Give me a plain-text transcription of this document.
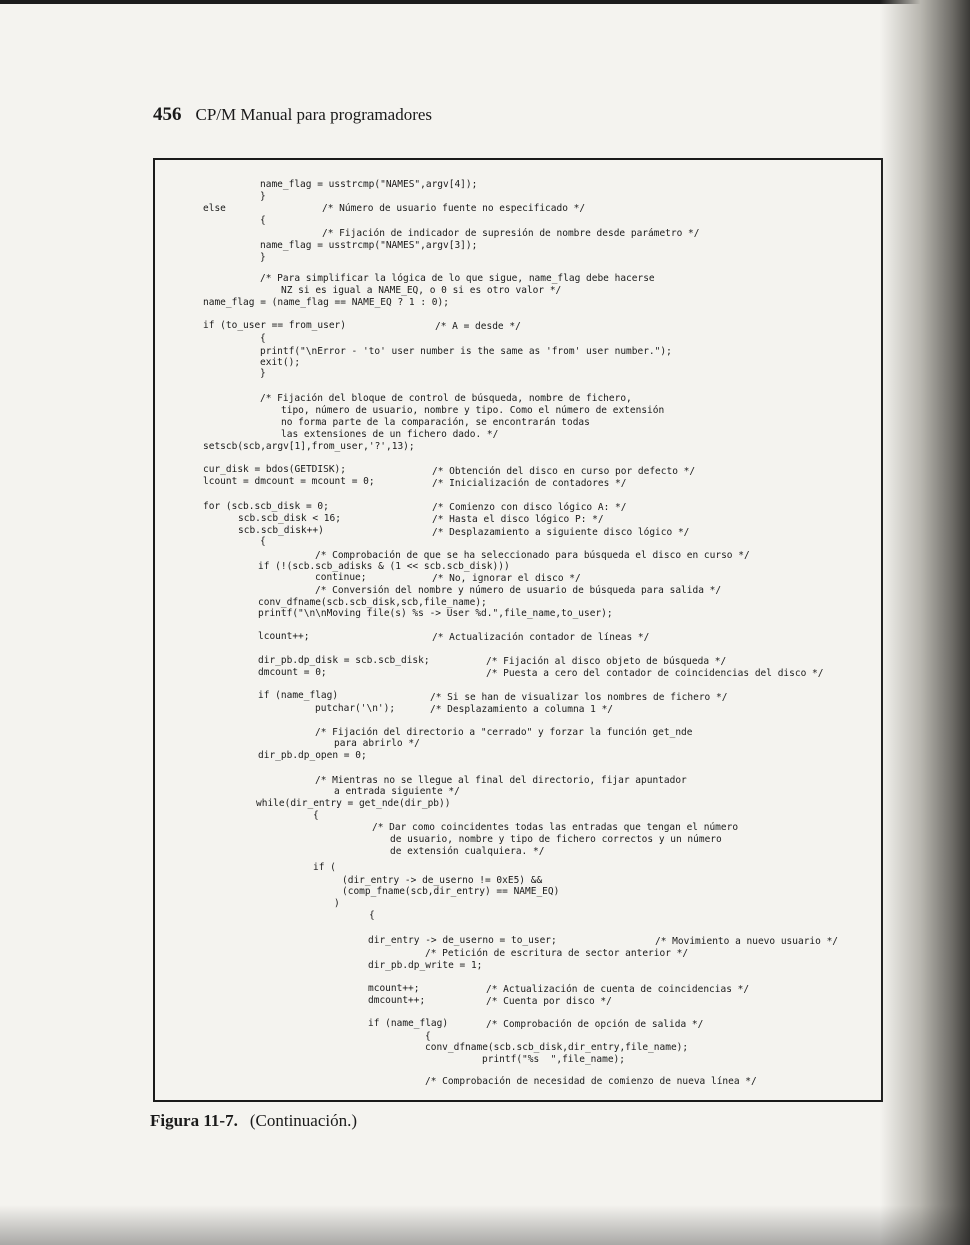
456 CP/M Manual para programadores
name_flag = usstrcmp("NAMES",argv[4]);
}
else	/* Número de usuario fuente no especificado */
{
/* Fijación de indicador de supresión de nombre desde parámetro */
name_flag = usstrcmp("NAMES",argv[3]);
}
/* Para simplificar la lógica de lo que sigue, name_flag debe hacerse
NZ si es igual a NAME_EQ, o 0 si es otro valor */
name_flag = (name_flag == NAME_EQ ? 1 : 0);
if (to_user == from_user)	/* A = desde */
{
printf("\nError - 'to' user number is the same as 'from' user number.");
exit();
}
/* Fijación del bloque de control de búsqueda, nombre de fichero,
tipo, número de usuario, nombre y tipo. Como el número de extensión
no forma parte de la comparación, se encontrarán todas
las extensiones de un fichero dado. */
setscb(scb,argv[1],from_user,'?',13);
cur_disk = bdos(GETDISK);	/* Obtención del disco en curso por defecto */
lcount = dmcount = mcount = 0;	/* Inicialización de contadores */
for (scb.scb_disk = 0;	/* Comienzo con disco lógico A: */
scb.scb_disk < 16;	/* Hasta el disco lógico P: */
scb.scb_disk++)	/* Desplazamiento a siguiente disco lógico */
{
/* Comprobación de que se ha seleccionado para búsqueda el disco en curso */
if (!(scb.scb_adisks & (1 << scb.scb_disk)))
continue;	/* No, ignorar el disco */
/* Conversión del nombre y número de usuario de búsqueda para salida */
conv_dfname(scb.scb_disk,scb,file_name);
printf("\n\nMoving file(s) %s -> User %d.",file_name,to_user);
lcount++;	/* Actualización contador de líneas */
dir_pb.dp_disk = scb.scb_disk;	/* Fijación al disco objeto de búsqueda */
dmcount = 0;	/* Puesta a cero del contador de coincidencias del disco */
if (name_flag)	/* Si se han de visualizar los nombres de fichero */
putchar('\n');	/* Desplazamiento a columna 1 */
/* Fijación del directorio a "cerrado" y forzar la función get_nde
para abrirlo */
dir_pb.dp_open = 0;
/* Mientras no se llegue al final del directorio, fijar apuntador
a entrada siguiente */
while(dir_entry = get_nde(dir_pb))
{
/* Dar como coincidentes todas las entradas que tengan el número
de usuario, nombre y tipo de fichero correctos y un número
de extensión cualquiera. */
if (
(dir_entry -> de_userno != 0xE5) &&
(comp_fname(scb,dir_entry) == NAME_EQ)
)
{
dir_entry -> de_userno = to_user;	/* Movimiento a nuevo usuario */
/* Petición de escritura de sector anterior */
dir_pb.dp_write = 1;
mcount++;	/* Actualización de cuenta de coincidencias */
dmcount++;	/* Cuenta por disco */
if (name_flag)	/* Comprobación de opción de salida */
{
conv_dfname(scb.scb_disk,dir_entry,file_name);
printf("%s  ",file_name);
/* Comprobación de necesidad de comienzo de nueva línea */
Figura 11-7. (Continuación.)
